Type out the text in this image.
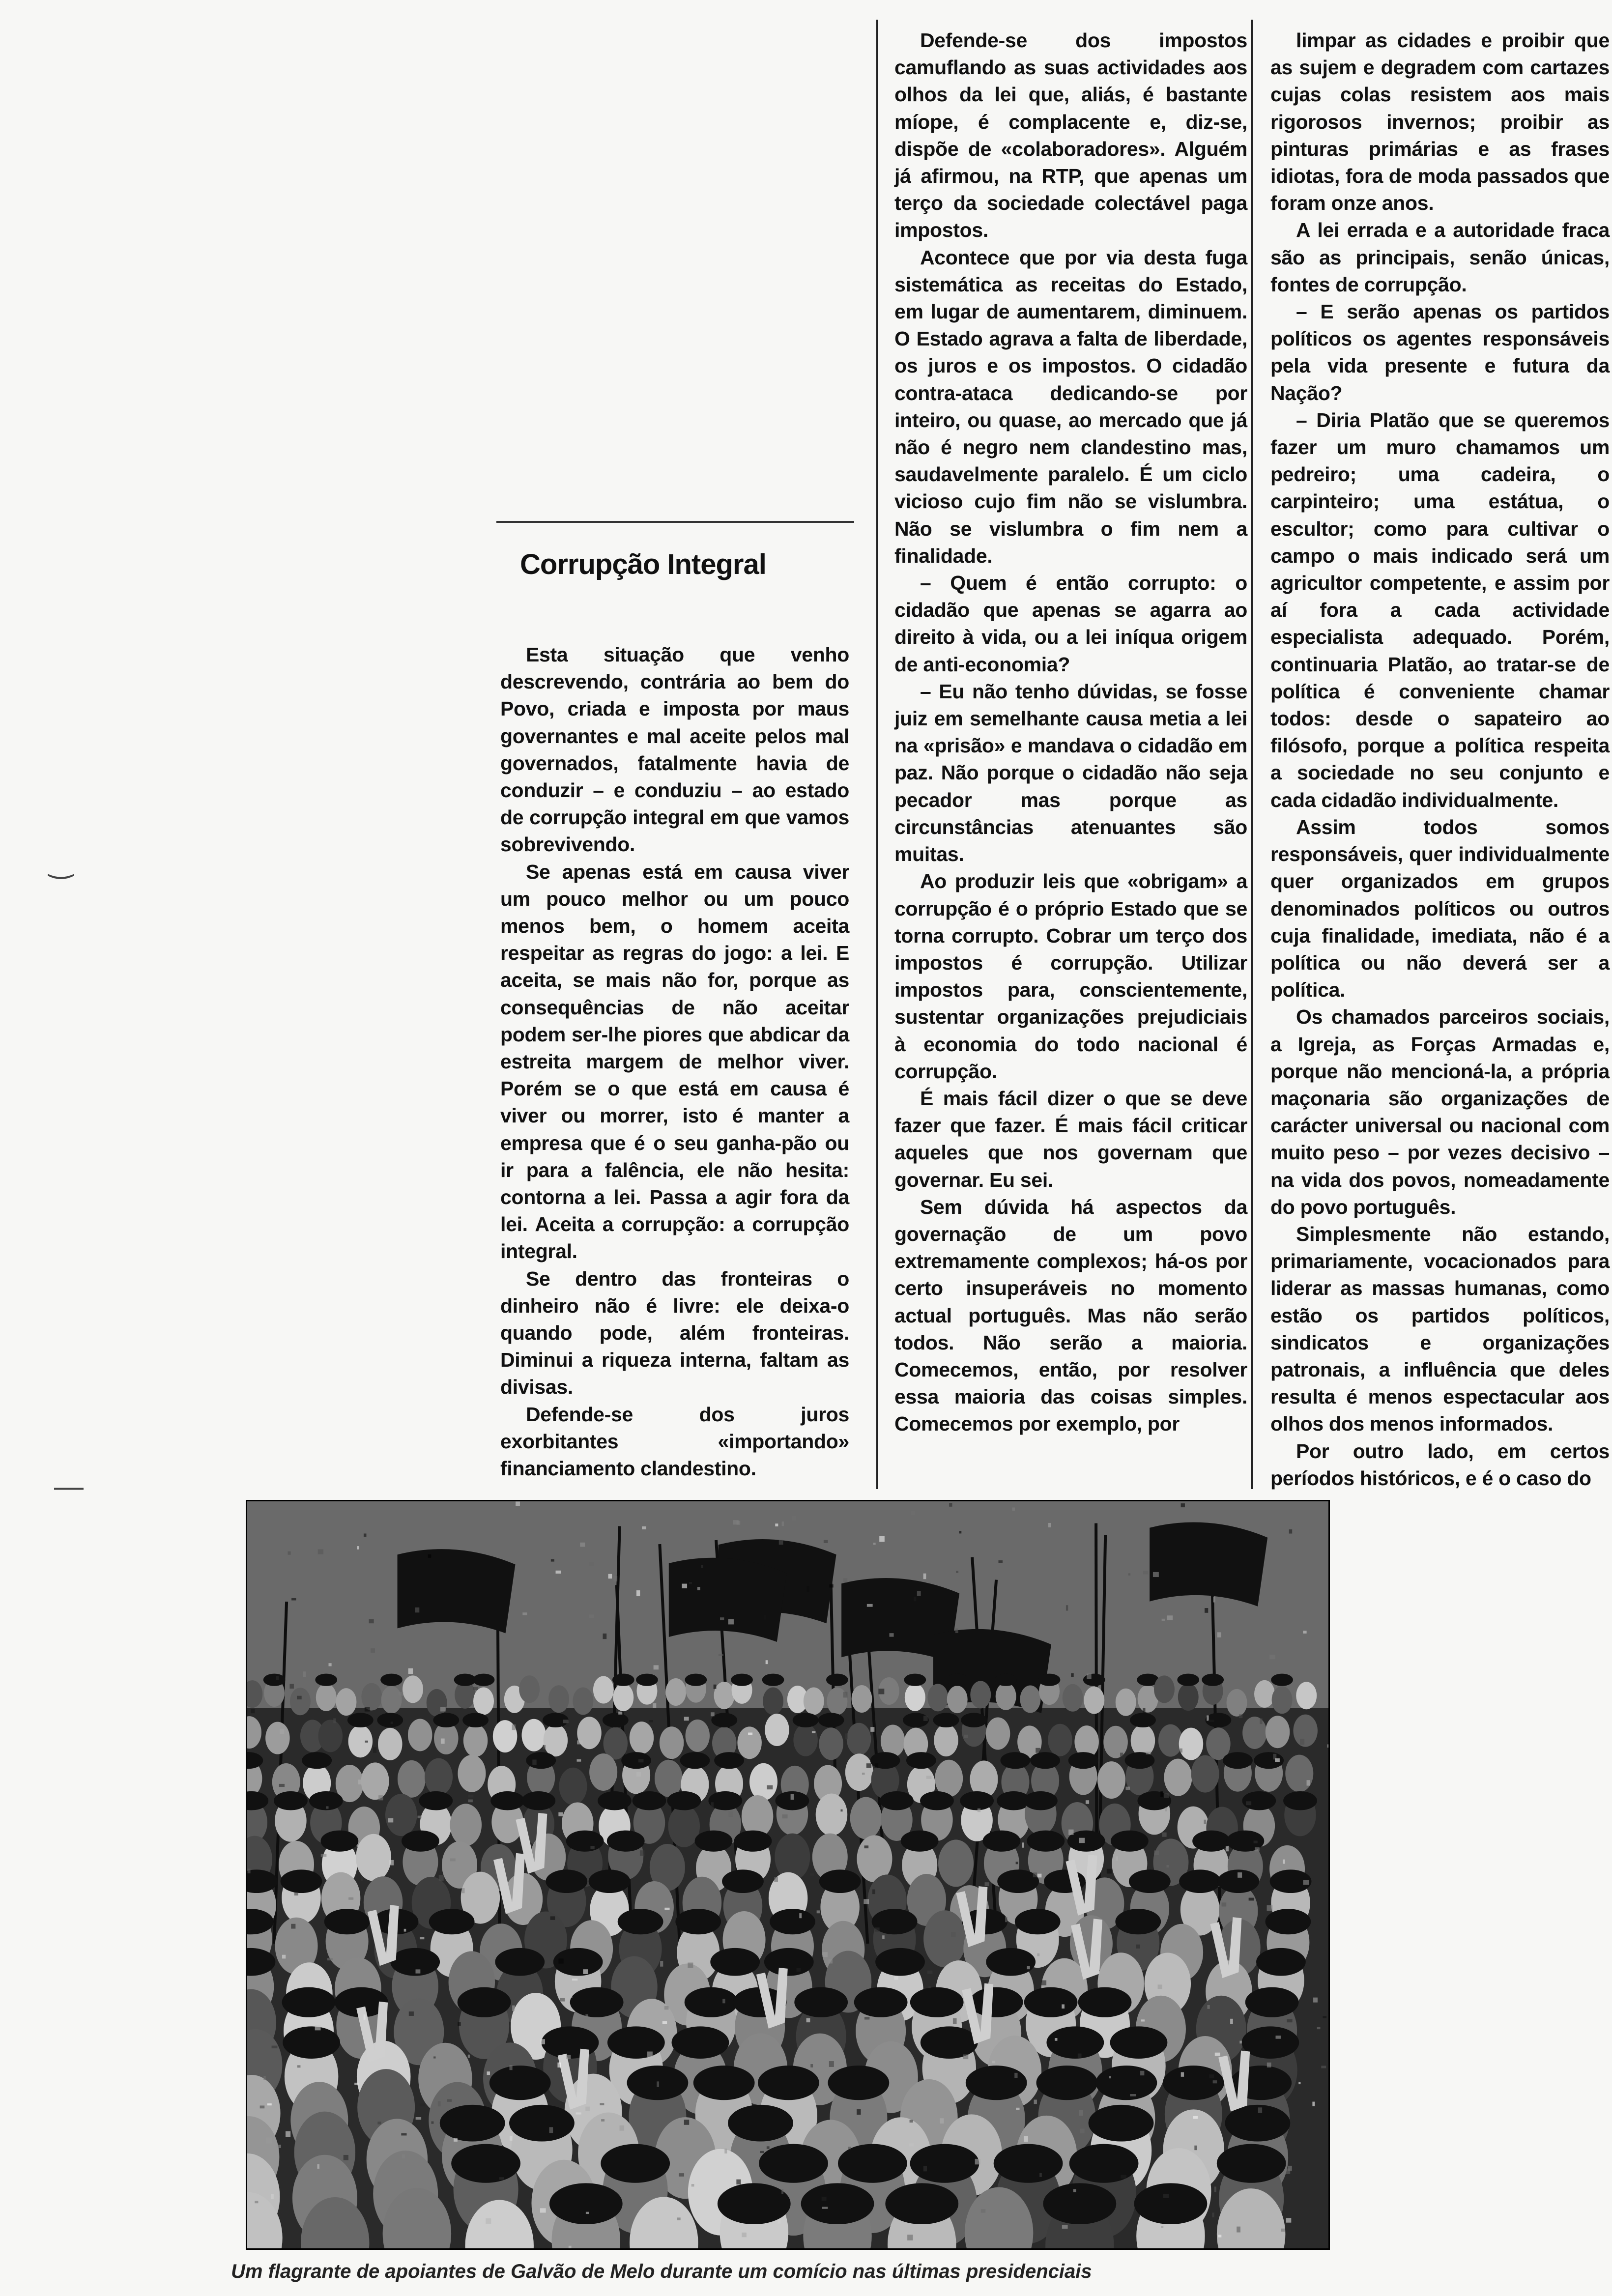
Corrupção Integral

Esta situação que venho descrevendo, contrária ao bem do Povo, criada e imposta por maus governantes e mal aceite pelos mal governados, fatalmente havia de conduzir – e conduziu – ao estado de corrupção integral em que vamos sobrevivendo.

Se apenas está em causa viver um pouco melhor ou um pouco menos bem, o homem aceita respeitar as regras do jogo: a lei. E aceita, se mais não for, porque as consequências de não aceitar podem ser-lhe piores que abdicar da estreita margem de melhor viver. Porém se o que está em causa é viver ou morrer, isto é manter a empresa que é o seu ganha-pão ou ir para a falência, ele não hesita: contorna a lei. Passa a agir fora da lei. Aceita a corrupção: a corrupção integral.

Se dentro das fronteiras o dinheiro não é livre: ele deixa-o quando pode, além fronteiras. Diminui a riqueza interna, faltam as divisas.

Defende-se dos juros exorbitantes «importando» financiamento clandestino.

Defende-se dos impostos camuflando as suas actividades aos olhos da lei que, aliás, é bastante míope, é complacente e, diz-se, dispõe de «colaboradores». Alguém já afirmou, na RTP, que apenas um terço da sociedade colectável paga impostos.

Acontece que por via desta fuga sistemática as receitas do Estado, em lugar de aumentarem, diminuem. O Estado agrava a falta de liberdade, os juros e os impostos. O cidadão contra-ataca dedicando-se por inteiro, ou quase, ao mercado que já não é negro nem clandestino mas, saudavelmente paralelo. É um ciclo vicioso cujo fim não se vislumbra. Não se vislumbra o fim nem a finalidade.

– Quem é então corrupto: o cidadão que apenas se agarra ao direito à vida, ou a lei iníqua origem de anti-economia?

– Eu não tenho dúvidas, se fosse juiz em semelhante causa metia a lei na «prisão» e mandava o cidadão em paz. Não porque o cidadão não seja pecador mas porque as circunstâncias atenuantes são muitas.

Ao produzir leis que «obrigam» a corrupção é o próprio Estado que se torna corrupto. Cobrar um terço dos impostos é corrupção. Utilizar impostos para, conscientemente, sustentar organizações prejudiciais à economia do todo nacional é corrupção.

É mais fácil dizer o que se deve fazer que fazer. É mais fácil criticar aqueles que nos governam que governar. Eu sei.

Sem dúvida há aspectos da governação de um povo extremamente complexos; há-os por certo insuperáveis no momento actual português. Mas não serão todos. Não serão a maioria. Comecemos, então, por resolver essa maioria das coisas simples. Comecemos por exemplo, por

limpar as cidades e proibir que as sujem e degradem com cartazes cujas colas resistem aos mais rigorosos invernos; proibir as pinturas primárias e as frases idiotas, fora de moda passados que foram onze anos.

A lei errada e a autoridade fraca são as principais, senão únicas, fontes de corrupção.

– E serão apenas os partidos políticos os agentes responsáveis pela vida presente e futura da Nação?

– Diria Platão que se queremos fazer um muro chamamos um pedreiro; uma cadeira, o carpinteiro; uma estátua, o escultor; como para cultivar o campo o mais indicado será um agricultor competente, e assim por aí fora a cada actividade especialista adequado. Porém, continuaria Platão, ao tratar-se de política é conveniente chamar todos: desde o sapateiro ao filósofo, porque a política respeita a sociedade no seu conjunto e cada cidadão individualmente.

Assim todos somos responsáveis, quer individualmente quer organizados em grupos denominados políticos ou outros cuja finalidade, imediata, não é a política ou não deverá ser a política.

Os chamados parceiros sociais, a Igreja, as Forças Armadas e, porque não mencioná-la, a própria maçonaria são organizações de carácter universal ou nacional com muito peso – por vezes decisivo – na vida dos povos, nomeadamente do povo português.

Simplesmente não estando, primariamente, vocacionados para liderar as massas humanas, como estão os partidos políticos, sindicatos e organizações patronais, a influência que deles resulta é menos espectacular aos olhos dos menos informados.

Por outro lado, em certos períodos históricos, e é o caso do

Um flagrante de apoiantes de Galvão de Melo durante um comício nas últimas presidenciais
‿
—
